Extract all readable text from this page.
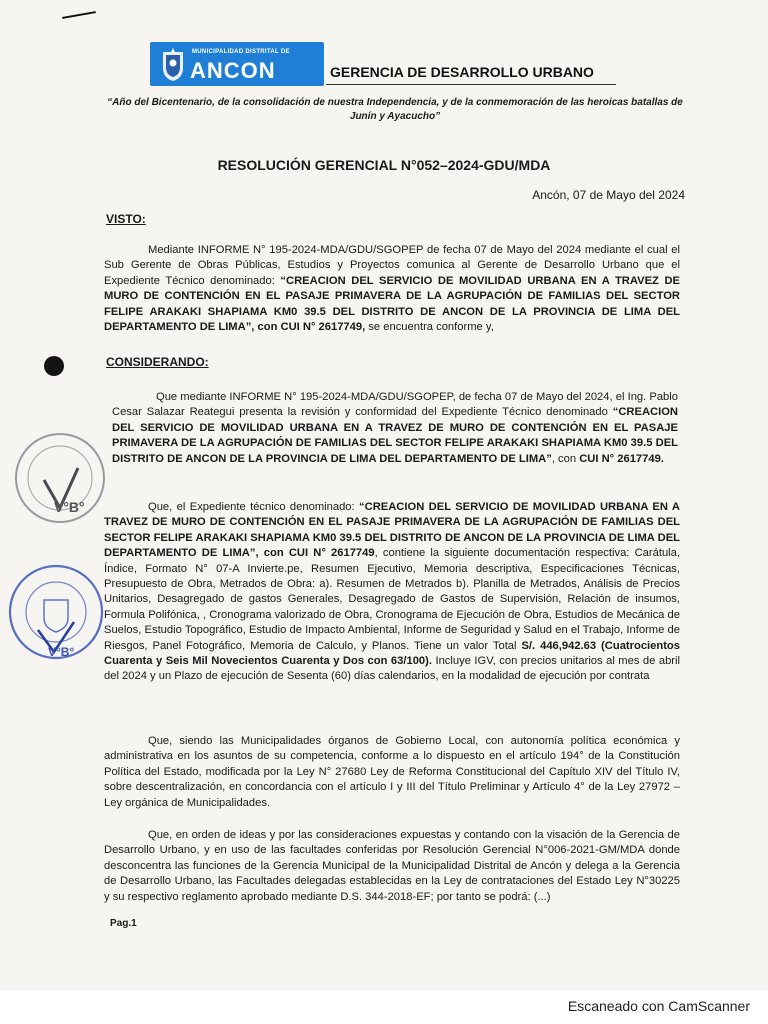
MUNICIPALIDAD DISTRITAL DE
ANCON	GERENCIA DE DESARROLLO URBANO
“Año del Bicentenario, de la consolidación de nuestra Independencia, y de la conmemoración de las heroicas batallas de Junín y Ayacucho”
RESOLUCIÓN GERENCIAL N°052–2024-GDU/MDA
Ancón, 07 de Mayo del 2024
VISTO:

Mediante INFORME N° 195-2024-MDA/GDU/SGOPEP de fecha 07 de Mayo del 2024 mediante el cual el Sub Gerente de Obras Públicas, Estudios y Proyectos comunica al Gerente de Desarrollo Urbano que el Expediente Técnico denominado: “CREACION DEL SERVICIO DE MOVILIDAD URBANA EN A TRAVEZ DE MURO DE CONTENCIÓN EN EL PASAJE PRIMAVERA DE LA AGRUPACIÓN DE FAMILIAS DEL SECTOR FELIPE ARAKAKI SHAPIAMA KM0 39.5 DEL DISTRITO DE ANCON DE LA PROVINCIA DE LIMA DEL DEPARTAMENTO DE LIMA”, con CUI N° 2617749, se encuentra conforme y,

CONSIDERANDO:

Que mediante INFORME N° 195-2024-MDA/GDU/SGOPEP, de fecha 07 de Mayo del 2024, el Ing. Pablo Cesar Salazar Reategui presenta la revisión y conformidad del Expediente Técnico denominado “CREACION DEL SERVICIO DE MOVILIDAD URBANA EN A TRAVEZ DE MURO DE CONTENCIÓN EN EL PASAJE PRIMAVERA DE LA AGRUPACIÓN DE FAMILIAS DEL SECTOR FELIPE ARAKAKI SHAPIAMA KM0 39.5 DEL DISTRITO DE ANCON DE LA PROVINCIA DE LIMA DEL DEPARTAMENTO DE LIMA”, con CUI N° 2617749.

Que, el Expediente técnico denominado: “CREACION DEL SERVICIO DE MOVILIDAD URBANA EN A TRAVEZ DE MURO DE CONTENCIÓN EN EL PASAJE PRIMAVERA DE LA AGRUPACIÓN DE FAMILIAS DEL SECTOR FELIPE ARAKAKI SHAPIAMA KM0 39.5 DEL DISTRITO DE ANCON DE LA PROVINCIA DE LIMA DEL DEPARTAMENTO DE LIMA”, con CUI N° 2617749, contiene la siguiente documentación respectiva: Carátula, Índice, Formato N° 07-A Invierte.pe, Resumen Ejecutivo, Memoria descriptiva, Especificaciones Técnicas, Presupuesto de Obra, Metrados de Obra: a). Resumen de Metrados b). Planilla de Metrados, Análisis de Precios Unitarios, Desagregado de gastos Generales, Desagregado de Gastos de Supervisión, Relación de insumos, Formula Polifónica, , Cronograma valorizado de Obra, Cronograma de Ejecución de Obra, Estudios de Mecánica de Suelos, Estudio Topográfico, Estudio de Impacto Ambiental, Informe de Seguridad y Salud en el Trabajo, Informe de Riesgos, Panel Fotográfico, Memoria de Calculo, y Planos. Tiene un valor Total S/. 446,942.63 (Cuatrocientos Cuarenta y Seis Mil Novecientos Cuarenta y Dos con 63/100). Incluye IGV, con precios unitarios al mes de abril del 2024 y un Plazo de ejecución de Sesenta (60) días calendarios, en la modalidad de ejecución por contrata

Que, siendo las Municipalidades órganos de Gobierno Local, con autonomía política económica y administrativa en los asuntos de su competencia, conforme a lo dispuesto en el artículo 194° de la Constitución Política del Estado, modificada por la Ley N° 27680 Ley de Reforma Constitucional del Capítulo XIV del Título IV, sobre descentralización, en concordancia con el artículo I y III del Título Preliminar y Artículo 4° de la Ley 27972 – Ley orgánica de Municipalidades.

Que, en orden de ideas y por las consideraciones expuestas y contando con la visación de la Gerencia de Desarrollo Urbano, y en uso de las facultades conferidas por Resolución Gerencial N°006-2021-GM/MDA donde desconcentra las funciones de la Gerencia Municipal de la Municipalidad Distrital de Ancón y delega a la Gerencia de Desarrollo Urbano, las Facultades delegadas establecidas en la Ley de contrataciones del Estado Ley N°30225 y su respectivo reglamento aprobado mediante D.S. 344-2018-EF; por tanto se podrá: (...)

Pag.1
V°B°
V°B°
Escaneado con CamScanner
